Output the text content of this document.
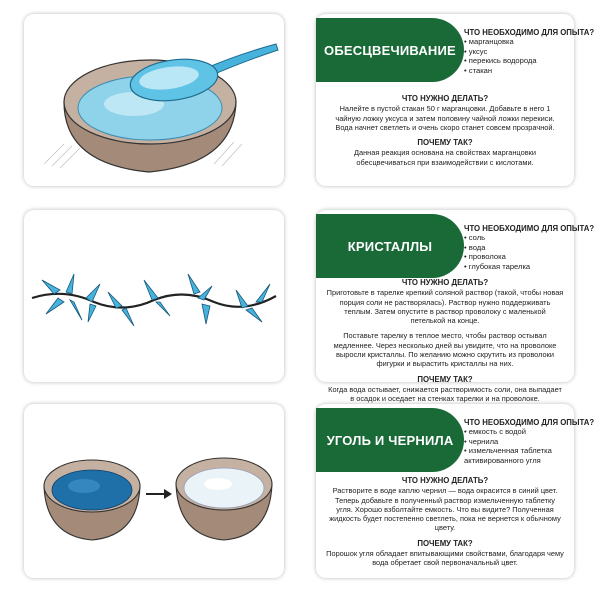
ОБЕСЦВЕЧИВАНИЕ
ЧТО НЕОБХОДИМО ДЛЯ ОПЫТА?
• марганцовка
• уксус
• перекись водорода
• стакан
ЧТО НУЖНО ДЕЛАТЬ?

Налейте в пустой стакан 50 г марганцовки. Добавьте в него 1 чайную ложку уксуса и затем половину чайной ложки перекиси. Вода начнет светлеть и очень скоро станет совсем прозрачной.

ПОЧЕМУ ТАК?

Данная реакция основана на свойствах марганцовки обесцвечиваться при взаимодействии с кислотами.

КРИСТАЛЛЫ
ЧТО НЕОБХОДИМО ДЛЯ ОПЫТА?
• соль
• вода
• проволока
• глубокая тарелка
ЧТО НУЖНО ДЕЛАТЬ?

Приготовьте в тарелке крепкий соляной раствор (такой, чтобы новая порция соли не растворялась). Раствор нужно поддерживать теплым. Затем опустите в раствор проволоку с маленькой петелькой на конце.

Поставьте тарелку в теплое место, чтобы раствор остывал медленнее. Через несколько дней вы увидите, что на проволоке выросли кристаллы. По желанию можно скрутить из проволоки фигурки и вырастить кристаллы на них.

ПОЧЕМУ ТАК?

Когда вода остывает, снижается растворимость соли, она выпадает в осадок и оседает на стенках тарелки и на проволоке.

УГОЛЬ И ЧЕРНИЛА
ЧТО НЕОБХОДИМО ДЛЯ ОПЫТА?
• емкость с водой
• чернила
• измельченная таблетка активированного угля
ЧТО НУЖНО ДЕЛАТЬ?

Растворите в воде каплю чернил — вода окрасится в синий цвет. Теперь добавьте в полученный раствор измельченную таблетку угля. Хорошо взболтайте емкость. Что вы видите? Полученная жидкость будет постепенно светлеть, пока не вернется к обычному цвету.

ПОЧЕМУ ТАК?

Порошок угля обладает впитывающими свойствами, благодаря чему вода обретает свой первоначальный цвет.
